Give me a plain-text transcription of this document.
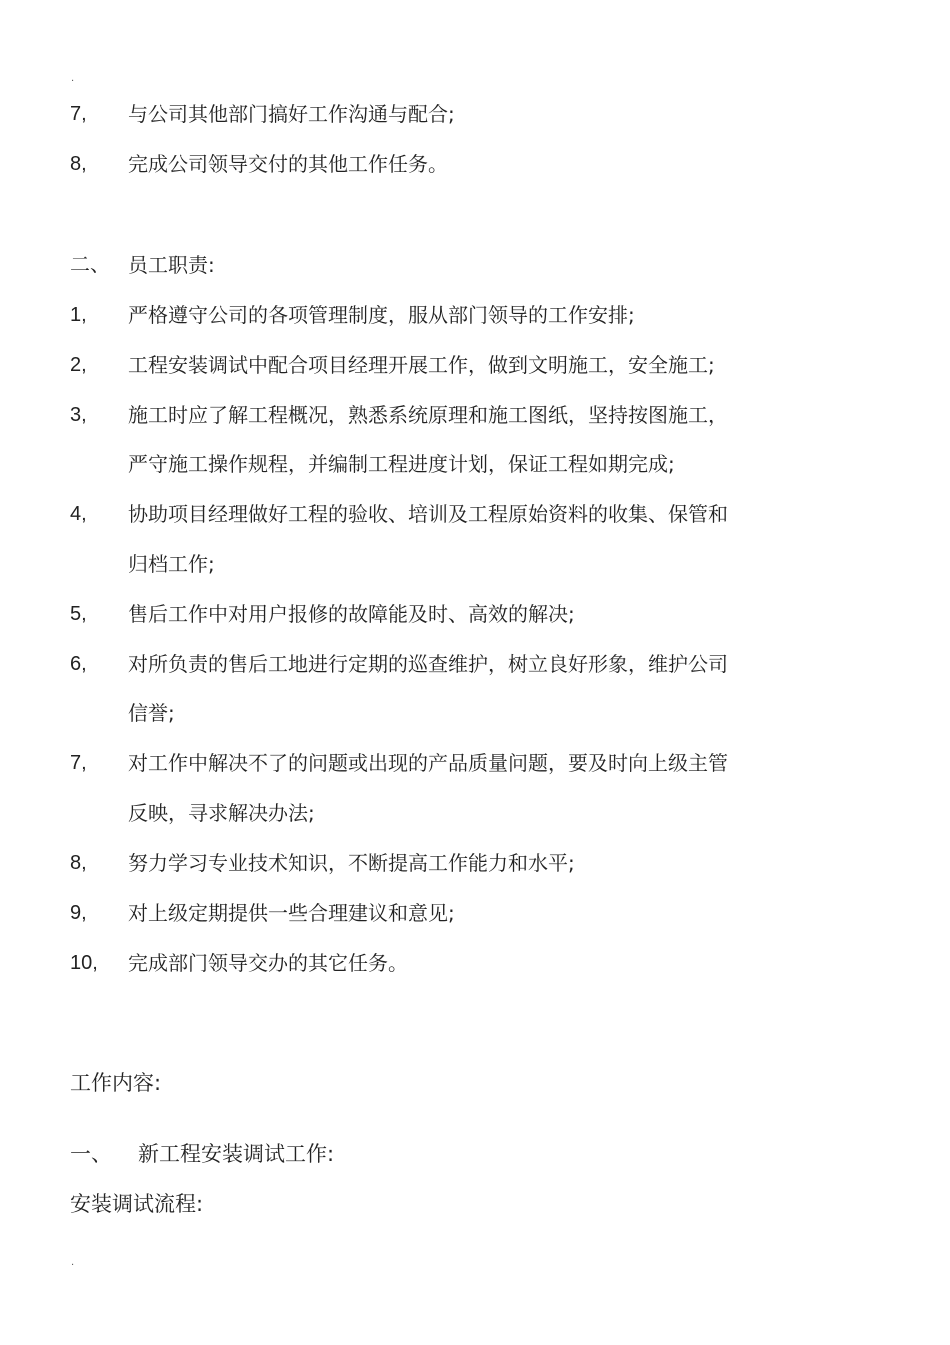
.
7, 与公司其他部门搞好工作沟通与配合;
8, 完成公司领导交付的其他工作任务。
二、 员工职责:
1, 严格遵守公司的各项管理制度，服从部门领导的工作安排;
2, 工程安装调试中配合项目经理开展工作，做到文明施工，安全施工;
3, 施工时应了解工程概况，熟悉系统原理和施工图纸，坚持按图施工，
严守施工操作规程，并编制工程进度计划，保证工程如期完成;
4, 协助项目经理做好工程的验收、培训及工程原始资料的收集、保管和
归档工作;
5, 售后工作中对用户报修的故障能及时、高效的解决;
6, 对所负责的售后工地进行定期的巡查维护，树立良好形象，维护公司
信誉;
7, 对工作中解决不了的问题或出现的产品质量问题，要及时向上级主管
反映，寻求解决办法;
8, 努力学习专业技术知识，不断提高工作能力和水平;
9, 对上级定期提供一些合理建议和意见;
10, 完成部门领导交办的其它任务。
工作内容:
一、 新工程安装调试工作:
安装调试流程:
.
